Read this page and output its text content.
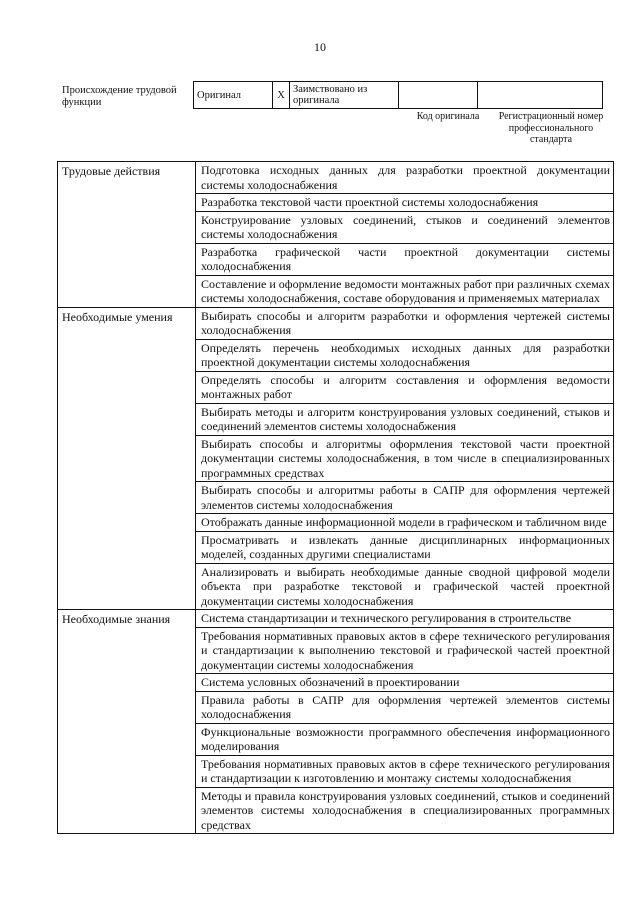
10
Происхождение трудовой функции
Оригинал	X	Заимствовано из оригинала		
Код оригинала	Регистрационный номер профессионального стандарта
Трудовые действия	Подготовка исходных данных для разработки проектной документации системы холодоснабжения
	Разработка текстовой части проектной системы холодоснабжения
	Конструирование узловых соединений, стыков и соединений элементов системы холодоснабжения
	Разработка графической части проектной документации системы холодоснабжения
	Составление и оформление ведомости монтажных работ при различных схемах системы холодоснабжения, составе оборудования и применяемых материалах
Необходимые умения	Выбирать способы и алгоритм разработки и оформления чертежей системы холодоснабжения
	Определять перечень необходимых исходных данных для разработки проектной документации системы холодоснабжения
	Определять способы и алгоритм составления и оформления ведомости монтажных работ
	Выбирать методы и алгоритм конструирования узловых соединений, стыков и соединений элементов системы холодоснабжения
	Выбирать способы и алгоритмы оформления текстовой части проектной документации системы холодоснабжения, в том числе в специализированных программных средствах
	Выбирать способы и алгоритмы работы в САПР для оформления чертежей элементов системы холодоснабжения
	Отображать данные информационной модели в графическом и табличном виде
	Просматривать и извлекать данные дисциплинарных информационных моделей, созданных другими специалистами
	Анализировать и выбирать необходимые данные сводной цифровой модели объекта при разработке текстовой и графической частей проектной документации системы холодоснабжения
Необходимые знания	Система стандартизации и технического регулирования в строительстве
	Требования нормативных правовых актов в сфере технического регулирования и стандартизации к выполнению текстовой и графической частей проектной документации системы холодоснабжения
	Система условных обозначений в проектировании
	Правила работы в САПР для оформления чертежей элементов системы холодоснабжения
	Функциональные возможности программного обеспечения информационного моделирования
	Требования нормативных правовых актов в сфере технического регулирования и стандартизации к изготовлению и монтажу системы холодоснабжения
	Методы и правила конструирования узловых соединений, стыков и соединений элементов системы холодоснабжения в специализированных программных средствах
